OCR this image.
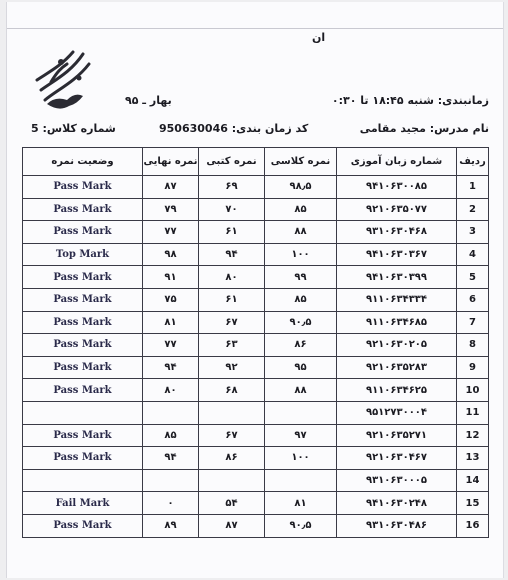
ان
زمانبندی: شنبه ۱۸:۴۵ تا ۰:۳۰
بهار ـ ۹۵
نام مدرس: مجید مقامی
کد زمان بندی: 950630046
شماره کلاس: 5
ردیف	شماره زبان آموزی	نمره کلاسی	نمره کتبی	نمره نهایی	وضعیت نمره
1	۹۴۱۰۶۳۰۰۸۵	۹۸٫۵	۶۹	۸۷	Pass Mark
2	۹۲۱۰۶۳۵۰۷۷	۸۵	۷۰	۷۹	Pass Mark
3	۹۳۱۰۶۳۰۴۶۸	۸۸	۶۱	۷۷	Pass Mark
4	۹۴۱۰۶۳۰۳۶۷	۱۰۰	۹۴	۹۸	Top Mark
5	۹۴۱۰۶۳۰۳۹۹	۹۹	۸۰	۹۱	Pass Mark
6	۹۱۱۰۶۳۴۳۳۴	۸۵	۶۱	۷۵	Pass Mark
7	۹۱۱۰۶۳۴۶۸۵	۹۰٫۵	۶۷	۸۱	Pass Mark
8	۹۲۱۰۶۳۰۲۰۵	۸۶	۶۳	۷۷	Pass Mark
9	۹۲۱۰۶۳۵۲۸۳	۹۵	۹۲	۹۴	Pass Mark
10	۹۱۱۰۶۳۴۶۲۵	۸۸	۶۸	۸۰	Pass Mark
11	۹۵۱۲۷۳۰۰۰۴				
12	۹۲۱۰۶۳۵۲۷۱	۹۷	۶۷	۸۵	Pass Mark
13	۹۲۱۰۶۳۰۴۶۷	۱۰۰	۸۶	۹۴	Pass Mark
14	۹۳۱۰۶۳۰۰۰۵				
15	۹۴۱۰۶۳۰۲۴۸	۸۱	۵۴	۰	Fail Mark
16	۹۳۱۰۶۳۰۴۸۶	۹۰٫۵	۸۷	۸۹	Pass Mark
